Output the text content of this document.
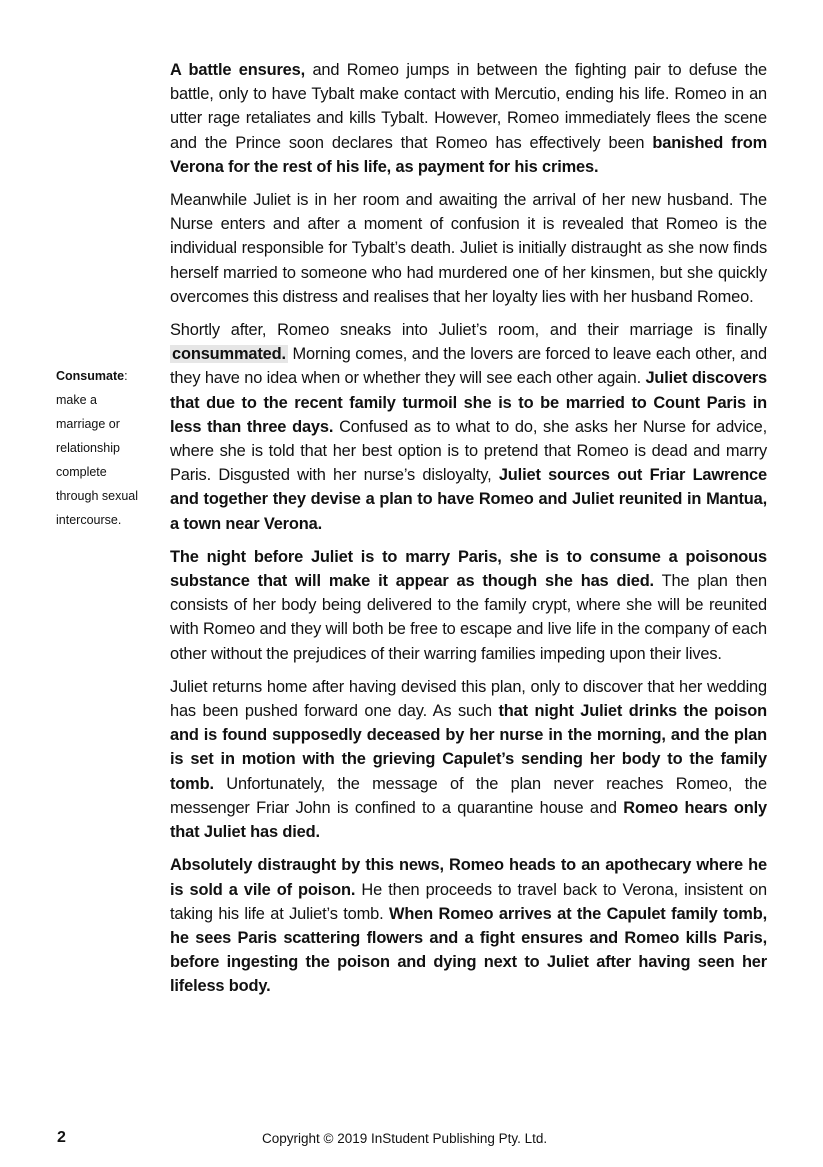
A battle ensures, and Romeo jumps in between the fighting pair to defuse the battle, only to have Tybalt make contact with Mercutio, ending his life. Romeo in an utter rage retaliates and kills Tybalt. However, Romeo immediately flees the scene and the Prince soon declares that Romeo has effectively been banished from Verona for the rest of his life, as payment for his crimes.

Meanwhile Juliet is in her room and awaiting the arrival of her new husband. The Nurse enters and after a moment of confusion it is revealed that Romeo is the individual responsible for Tybalt’s death. Juliet is initially distraught as she now finds herself married to someone who had murdered one of her kinsmen, but she quickly overcomes this distress and realises that her loyalty lies with her husband Romeo.

Shortly after, Romeo sneaks into Juliet’s room, and their marriage is finally consummated. Morning comes, and the lovers are forced to leave each other, and they have no idea when or whether they will see each other again. Juliet discovers that due to the recent family turmoil she is to be married to Count Paris in less than three days. Confused as to what to do, she asks her Nurse for advice, where she is told that her best option is to pretend that Romeo is dead and marry Paris. Disgusted with her nurse’s disloyalty, Juliet sources out Friar Lawrence and together they devise a plan to have Romeo and Juliet reunited in Mantua, a town near Verona.

The night before Juliet is to marry Paris, she is to consume a poisonous substance that will make it appear as though she has died. The plan then consists of her body being delivered to the family crypt, where she will be reunited with Romeo and they will both be free to escape and live life in the company of each other without the prejudices of their warring families impeding upon their lives.

Juliet returns home after having devised this plan, only to discover that her wedding has been pushed forward one day. As such that night Juliet drinks the poison and is found supposedly deceased by her nurse in the morning, and the plan is set in motion with the grieving Capulet’s sending her body to the family tomb. Unfortunately, the message of the plan never reaches Romeo, the messenger Friar John is confined to a quarantine house and Romeo hears only that Juliet has died.

Absolutely distraught by this news, Romeo heads to an apothecary where he is sold a vile of poison. He then proceeds to travel back to Verona, insistent on taking his life at Juliet’s tomb. When Romeo arrives at the Capulet family tomb, he sees Paris scattering flowers and a fight ensures and Romeo kills Paris, before ingesting the poison and dying next to Juliet after having seen her lifeless body.

Consumate:
make a
marriage or
relationship
complete
through sexual
intercourse.
2	Copyright © 2019 InStudent Publishing Pty. Ltd.
